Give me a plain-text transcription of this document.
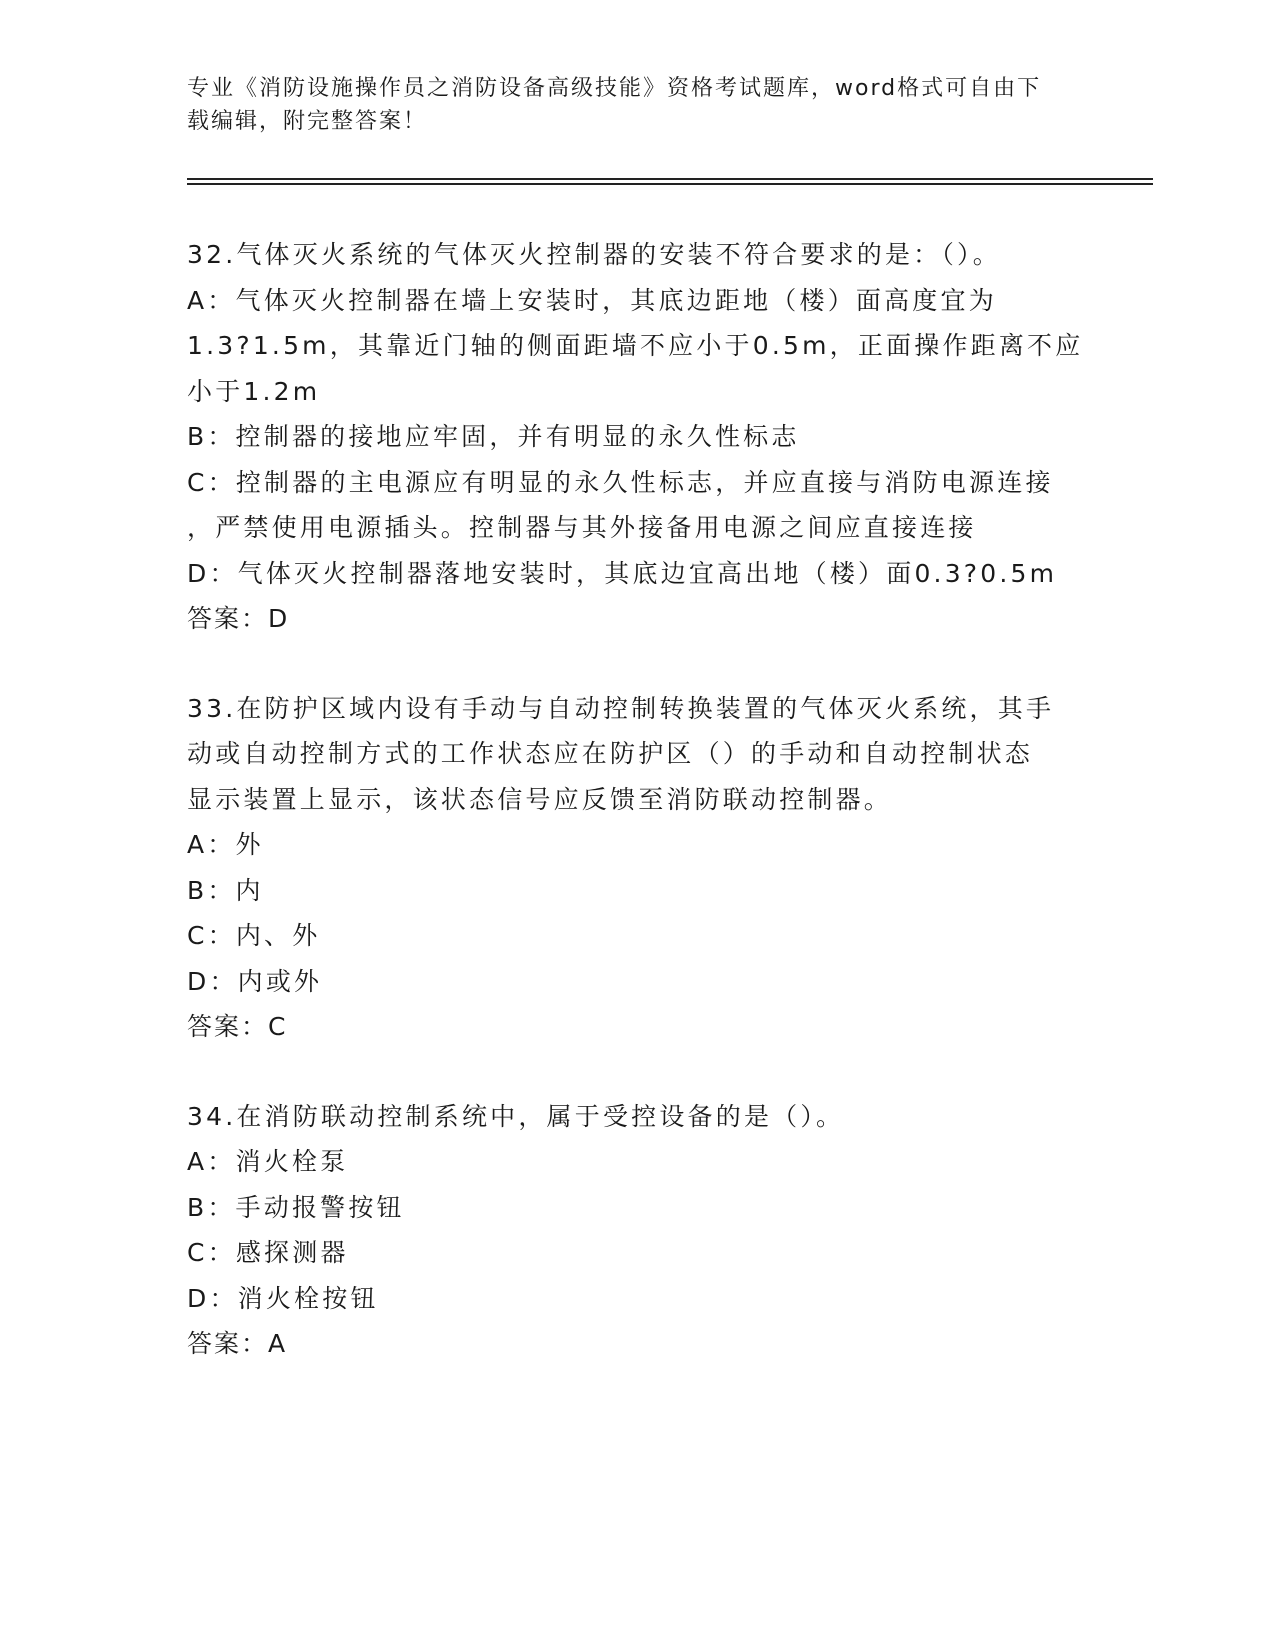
专业《消防设施操作员之消防设备高级技能》资格考试题库，word格式可自由下
载编辑，附完整答案！
32.气体灭火系统的气体灭火控制器的安装不符合要求的是：（）。
A：气体灭火控制器在墙上安装时，其底边距地（楼）面高度宜为
1.3?1.5m，其靠近门轴的侧面距墙不应小于0.5m，正面操作距离不应
小于1.2m
B：控制器的接地应牢固，并有明显的永久性标志
C：控制器的主电源应有明显的永久性标志，并应直接与消防电源连接
，严禁使用电源插头。控制器与其外接备用电源之间应直接连接
D：气体灭火控制器落地安装时，其底边宜高出地（楼）面0.3?0.5m
答案：D
33.在防护区域内设有手动与自动控制转换装置的气体灭火系统，其手
动或自动控制方式的工作状态应在防护区（）的手动和自动控制状态
显示装置上显示，该状态信号应反馈至消防联动控制器。
A：外
B：内
C：内、外
D：内或外
答案：C
34.在消防联动控制系统中，属于受控设备的是（）。
A：消火栓泵
B：手动报警按钮
C：感探测器
D：消火栓按钮
答案：A
